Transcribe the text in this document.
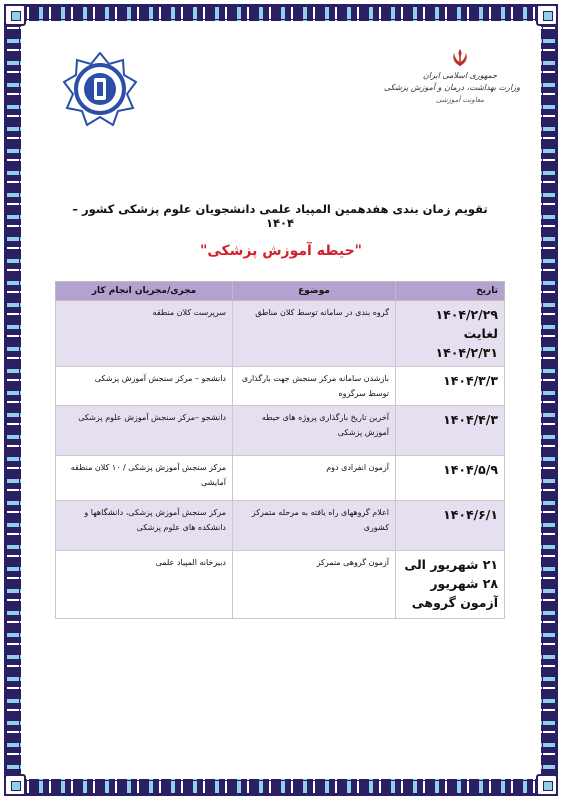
جمهوری اسلامی ایران
وزارت بهداشت، درمان و آموزش پزشکی
معاونت آموزشی
تقویم زمان بندی هفدهمین المپیاد علمی دانشجویان علوم پزشکی کشور – ۱۴۰۴
"حیطه آموزش پزشکی"
تاریخ	موضوع	مجری/مجریان انجام کار
۱۴۰۴/۲/۲۹ لغایت ۱۴۰۴/۲/۳۱	گروه بندی در سامانه توسط کلان مناطق	سرپرست کلان منطقه
۱۴۰۴/۳/۳	بازشدن سامانه مرکز سنجش جهت بارگذاری توسط سرگروه	دانشجو – مرکز سنجش آموزش پزشکی
۱۴۰۴/۴/۳	آخرین تاریخ بارگذاری پروژه های حیطه آموزش پزشکی	دانشجو –مرکز سنجش آموزش علوم پزشکی
۱۴۰۴/۵/۹	آزمون انفرادی دوم	مرکز سنجش آموزش پزشکی / ۱۰ کلان منطقه آمایشی
۱۴۰۴/۶/۱	اعلام گروههای راه یافته به مرحله متمرکز کشوری	مرکز سنجش آموزش پزشکی، دانشگاهها و دانشکده های علوم پزشکی
۲۱ شهریور الی ۲۸ شهریور آزمون گروهی	آزمون گروهی متمرکز	دبیرخانه المپیاد علمی
